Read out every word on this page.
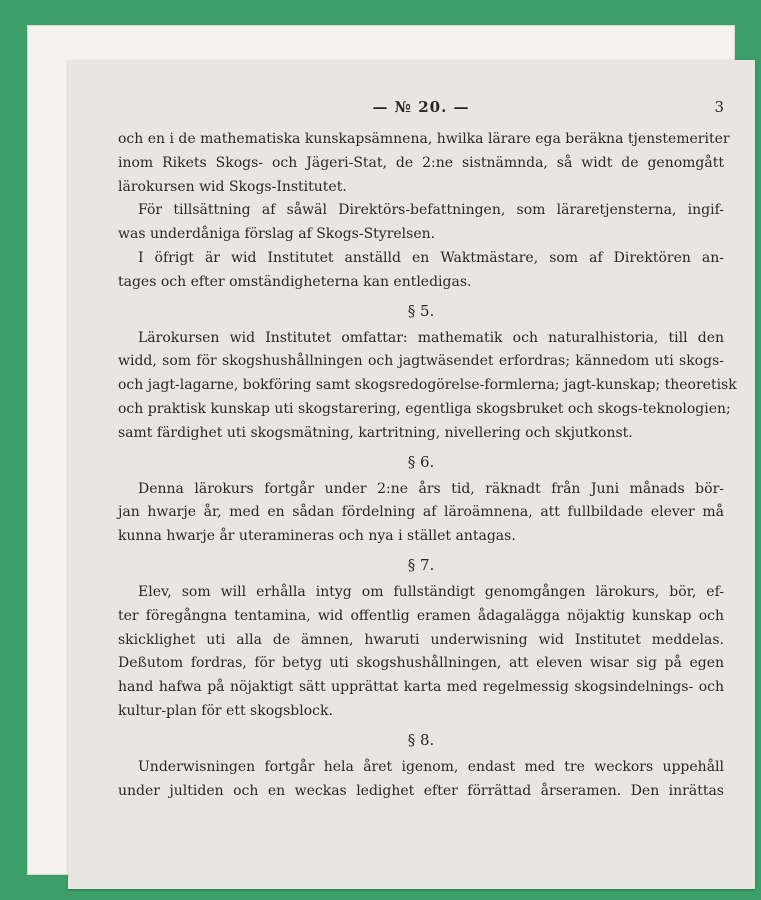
— № 20. —	3
och en i de mathematiska kunskapsämnena, hwilka lärare ega beräkna tjenstemeriter
inom Rikets Skogs- och Jägeri-Stat, de 2:ne sistnämnda, så widt de genomgått
lärokursen wid Skogs-Institutet.
För tillsättning af såwäl Direktörs-befattningen, som läraretjensterna, ingif-
was underdåniga förslag af Skogs-Styrelsen.
I öfrigt är wid Institutet anställd en Waktmästare, som af Direktören an-
tages och efter omständigheterna kan entledigas.
§ 5.
Lärokursen wid Institutet omfattar: mathematik och naturalhistoria, till den
widd, som för skogshushållningen och jagtwäsendet erfordras; kännedom uti skogs-
och jagt-lagarne, bokföring samt skogsredogörelse-formlerna; jagt-kunskap; theoretisk
och praktisk kunskap uti skogstarering, egentliga skogsbruket och skogs-teknologien;
samt färdighet uti skogsmätning, kartritning, nivellering och skjutkonst.
§ 6.
Denna lärokurs fortgår under 2:ne års tid, räknadt från Juni månads bör-
jan hwarje år, med en sådan fördelning af läroämnena, att fullbildade elever må
kunna hwarje år uteramineras och nya i stället antagas.
§ 7.
Elev, som will erhålla intyg om fullständigt genomgången lärokurs, bör, ef-
ter föregångna tentamina, wid offentlig eramen ådagalägga nöjaktig kunskap och
skicklighet uti alla de ämnen, hwaruti underwisning wid Institutet meddelas.
Deßutom fordras, för betyg uti skogshushållningen, att eleven wisar sig på egen
hand hafwa på nöjaktigt sätt upprättat karta med regelmessig skogsindelnings- och
kultur-plan för ett skogsblock.
§ 8.
Underwisningen fortgår hela året igenom, endast med tre weckors uppehåll
under jultiden och en weckas ledighet efter förrättad årseramen. Den inrättas
